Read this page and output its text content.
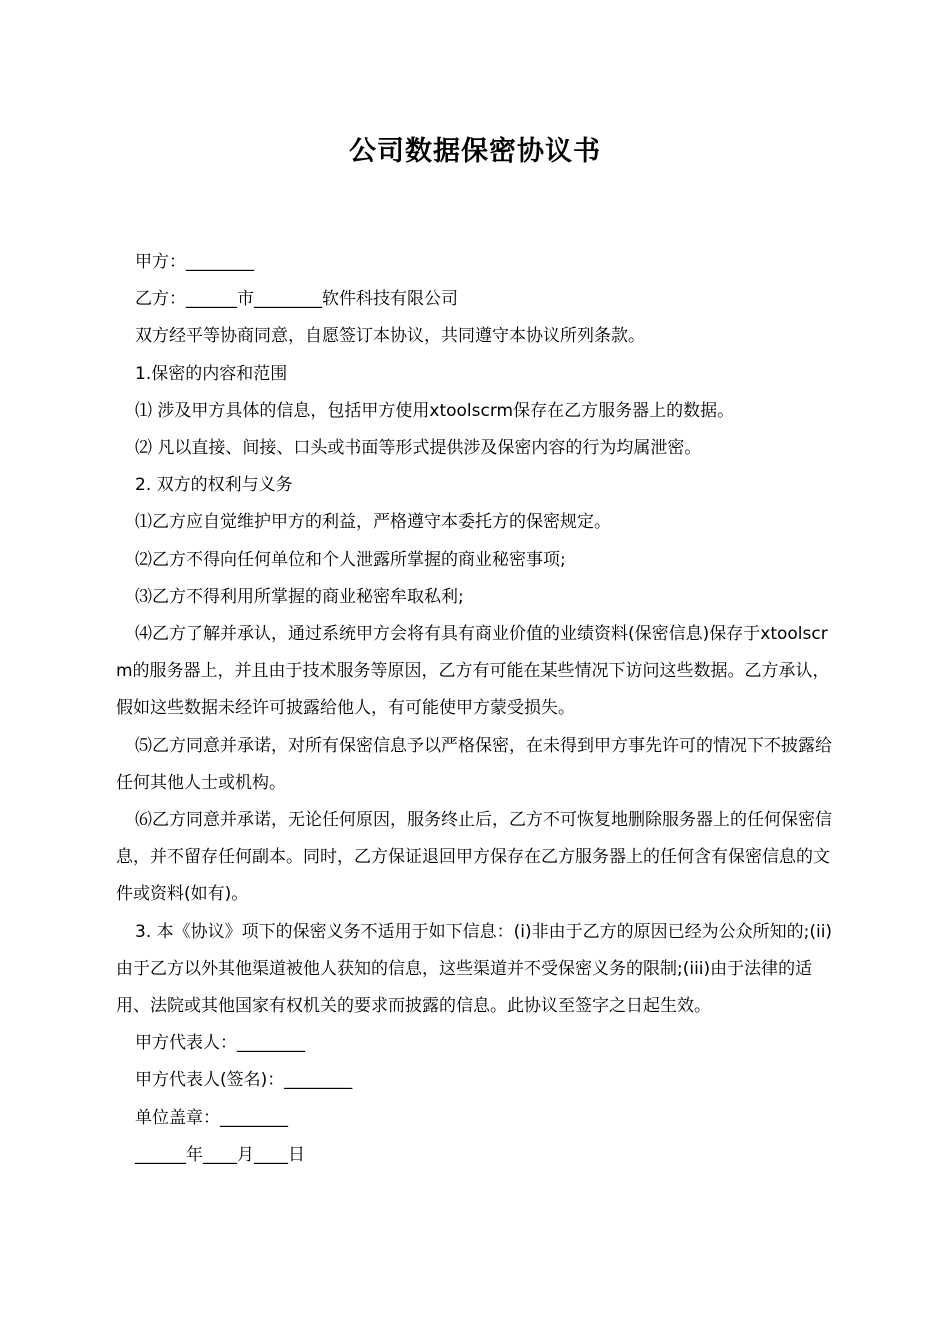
公司数据保密协议书

甲方：________

乙方：______市________软件科技有限公司

双方经平等协商同意，自愿签订本协议，共同遵守本协议所列条款。

1.保密的内容和范围

⑴ 涉及甲方具体的信息，包括甲方使用xtoolscrm保存在乙方服务器上的数据。

⑵ 凡以直接、间接、口头或书面等形式提供涉及保密内容的行为均属泄密。

2. 双方的权利与义务

⑴乙方应自觉维护甲方的利益，严格遵守本委托方的保密规定。

⑵乙方不得向任何单位和个人泄露所掌握的商业秘密事项;

⑶乙方不得利用所掌握的商业秘密牟取私利;

⑷乙方了解并承认，通过系统甲方会将有具有商业价值的业绩资料(保密信息)保存于xtoolscrm的服务器上，并且由于技术服务等原因，乙方有可能在某些情况下访问这些数据。乙方承认，假如这些数据未经许可披露给他人，有可能使甲方蒙受损失。

⑸乙方同意并承诺，对所有保密信息予以严格保密，在未得到甲方事先许可的情况下不披露给任何其他人士或机构。

⑹乙方同意并承诺，无论任何原因，服务终止后，乙方不可恢复地删除服务器上的任何保密信息，并不留存任何副本。同时，乙方保证退回甲方保存在乙方服务器上的任何含有保密信息的文件或资料(如有)。

3. 本《协议》项下的保密义务不适用于如下信息：(i)非由于乙方的原因已经为公众所知的;(ii)由于乙方以外其他渠道被他人获知的信息，这些渠道并不受保密义务的限制;(iii)由于法律的适用、法院或其他国家有权机关的要求而披露的信息。此协议至签字之日起生效。

甲方代表人：________

甲方代表人(签名)：________

单位盖章：________

______年____月____日
